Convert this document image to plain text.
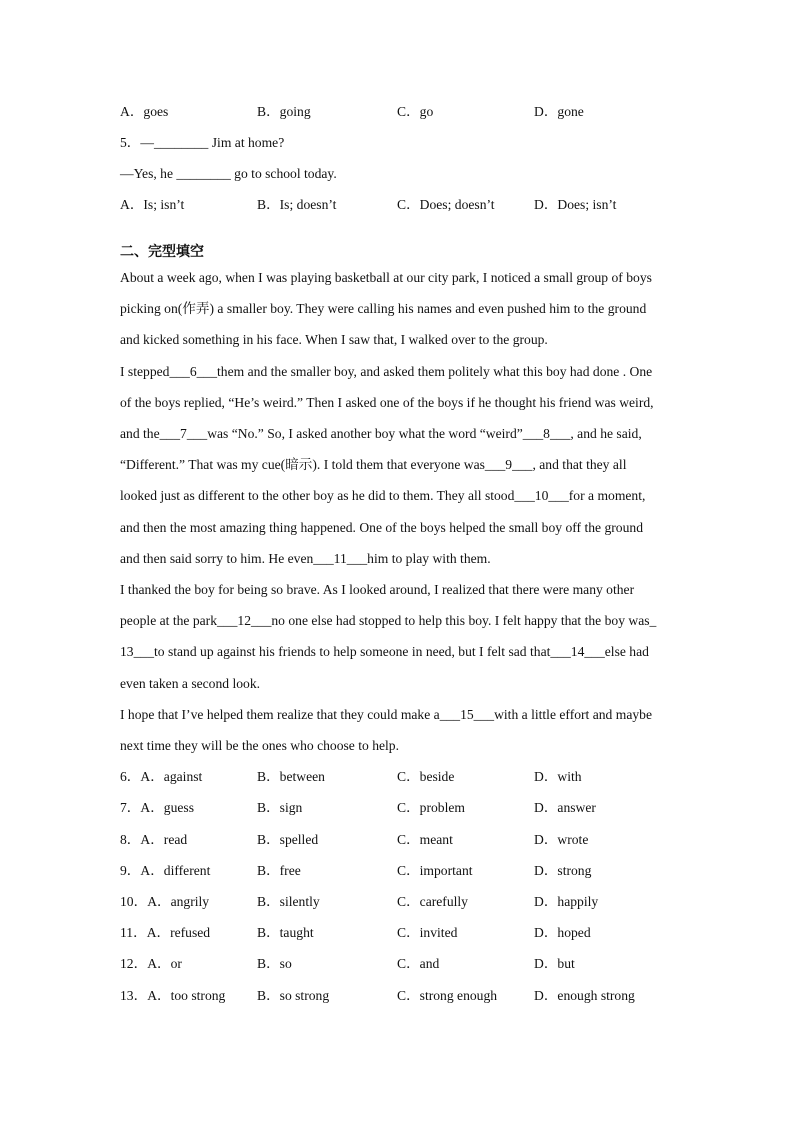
A．goes	B．going	C．go	D．gone
5．—________ Jim at home?
—Yes, he ________ go to school today.
A．Is; isn’t	B．Is; doesn’t	C．Does; doesn’t	D．Does; isn’t
二、完型填空
About a week ago, when I was playing basketball at our city park, I noticed a small group of boys
picking on(作弄) a smaller boy. They were calling his names and even pushed him to the ground
and kicked something in his face. When I saw that, I walked over to the group.
I stepped___6___them and the smaller boy, and asked them politely what this boy had done . One
of the boys replied, “He’s weird.” Then I asked one of the boys if he thought his friend was weird,
and the___7___was “No.” So, I asked another boy what the word “weird”___8___, and he said,
“Different.” That was my cue(暗示). I told them that everyone was___9___, and that they all
looked just as different to the other boy as he did to them. They all stood___10___for a moment,
and then the most amazing thing happened. One of the boys helped the small boy off the ground
and then said sorry to him. He even___11___him to play with them.
I thanked the boy for being so brave. As I looked around, I realized that there were many other
people at the park___12___no one else had stopped to help this boy. I felt happy that the boy was_
13___to stand up against his friends to help someone in need, but I felt sad that___14___else had
even taken a second look.
I hope that I’ve helped them realize that they could make a___15___with a little effort and maybe
next time they will be the ones who choose to help.
6．A．against	B．between	C．beside	D．with
7．A．guess	B．sign	C．problem	D．answer
8．A．read	B．spelled	C．meant	D．wrote
9．A．different	B．free	C．important	D．strong
10．A．angrily	B．silently	C．carefully	D．happily
11．A．refused	B．taught	C．invited	D．hoped
12．A．or	B．so	C．and	D．but
13．A．too strong B．so strong	C．strong enough	D．enough strong
